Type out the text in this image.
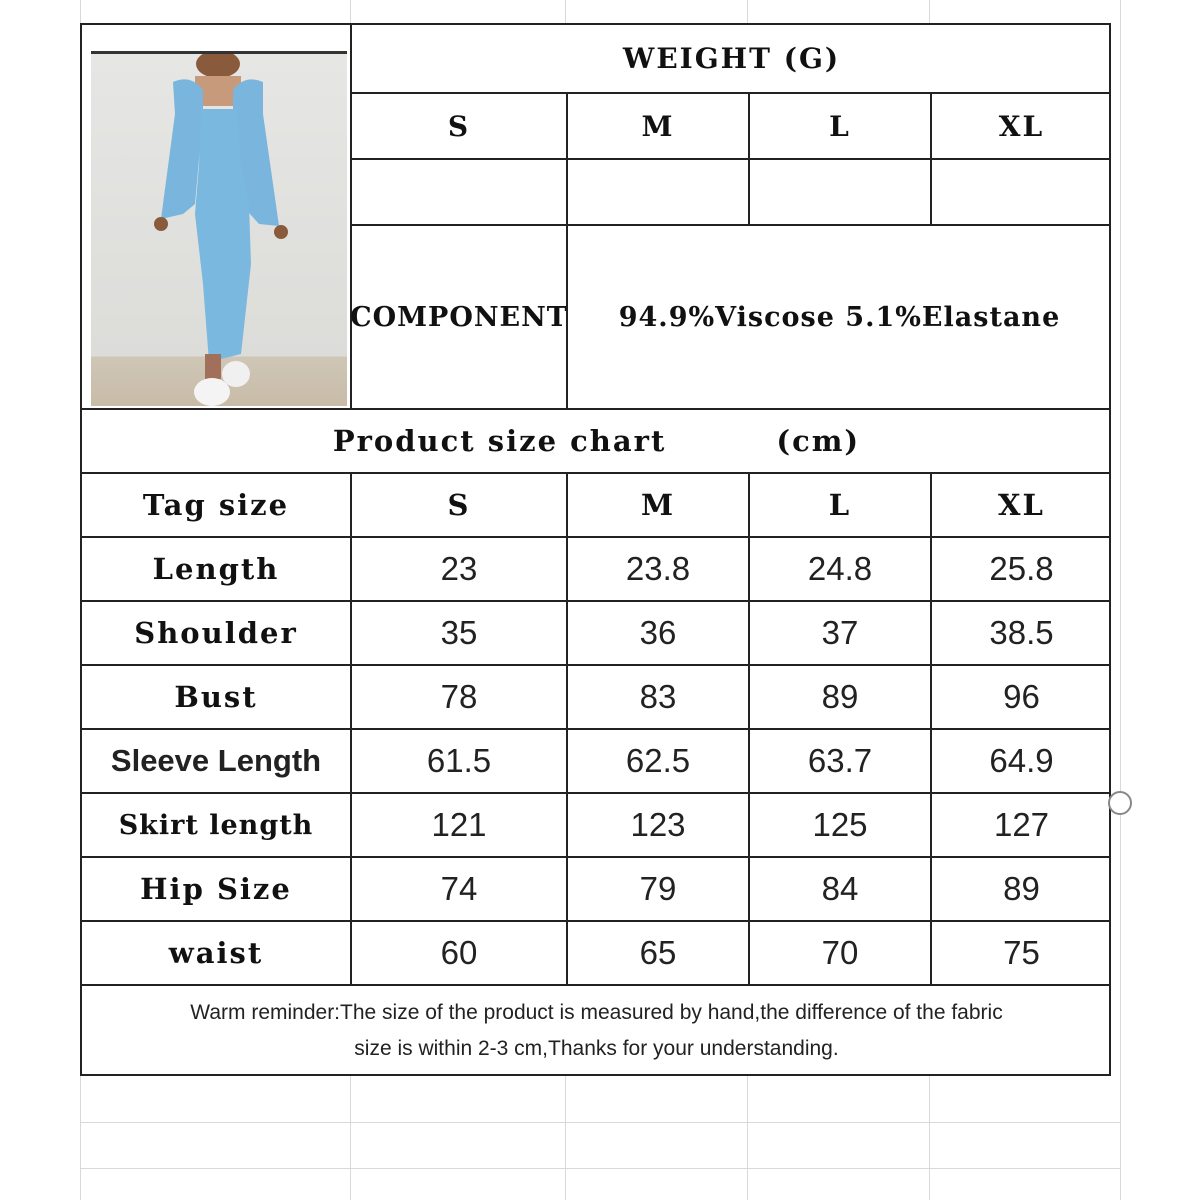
WEIGHT (G)
S	M	L	XL
COMPONENT	94.9%Viscose 5.1%Elastane
Product size chart	(cm)
Tag size	S	M	L	XL
Length	23	23.8	24.8	25.8
Shoulder	35	36	37	38.5
Bust	78	83	89	96
Sleeve Length	61.5	62.5	63.7	64.9
Skirt length	121	123	125	127
Hip Size	74	79	84	89
waist	60	65	70	75
Warm reminder:The size of the product is measured by hand,the difference of the fabric
size is within 2-3 cm,Thanks for your understanding.
